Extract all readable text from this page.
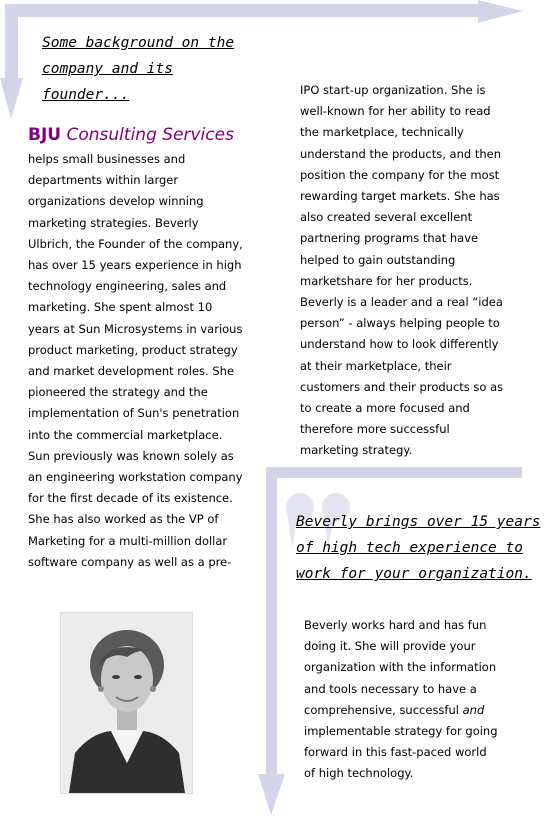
Some background on the
company and its
founder...
BJU Consulting Services

helps small businesses and
departments within larger
organizations develop winning
marketing strategies. Beverly
Ulbrich, the Founder of the company,
has over 15 years experience in high
technology engineering, sales and
marketing. She spent almost 10
years at Sun Microsystems in various
product marketing, product strategy
and market development roles. She
pioneered the strategy and the
implementation of Sun's penetration
into the commercial marketplace.
Sun previously was known solely as
an engineering workstation company
for the first decade of its existence.
She has also worked as the VP of
Marketing for a multi-million dollar
software company as well as a pre-

IPO start-up organization. She is
well-known for her ability to read
the marketplace, technically
understand the products, and then
position the company for the most
rewarding target markets. She has
also created several excellent
partnering programs that have
helped to gain outstanding
marketshare for her products.
Beverly is a leader and a real “idea
person” - always helping people to
understand how to look differently
at their marketplace, their
customers and their products so as
to create a more focused and
therefore more successful
marketing strategy.

Beverly brings over 15 years
of high tech experience to
work for your organization.

Beverly works hard and has fun
doing it. She will provide your
organization with the information
and tools necessary to have a
comprehensive, successful and
implementable strategy for going
forward in this fast-paced world
of high technology.
